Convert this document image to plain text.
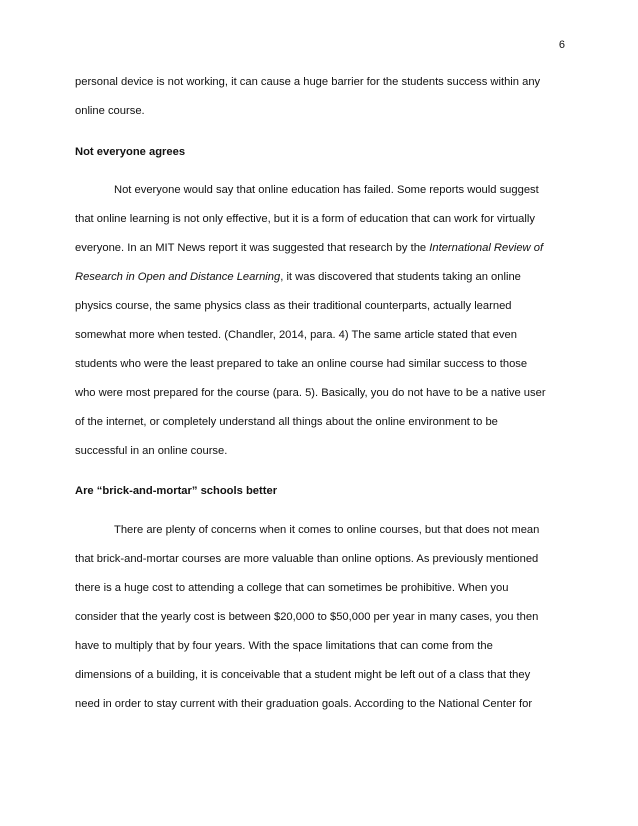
6
personal device is not working, it can cause a huge barrier for the students success within any
online course.
Not everyone agrees
Not everyone would say that online education has failed. Some reports would suggest
that online learning is not only effective, but it is a form of education that can work for virtually
everyone. In an MIT News report it was suggested that research by the International Review of
Research in Open and Distance Learning, it was discovered that students taking an online
physics course, the same physics class as their traditional counterparts, actually learned
somewhat more when tested. (Chandler, 2014, para. 4) The same article stated that even
students who were the least prepared to take an online course had similar success to those
who were most prepared for the course (para. 5). Basically, you do not have to be a native user
of the internet, or completely understand all things about the online environment to be
successful in an online course.
Are “brick-and-mortar” schools better
There are plenty of concerns when it comes to online courses, but that does not mean
that brick-and-mortar courses are more valuable than online options. As previously mentioned
there is a huge cost to attending a college that can sometimes be prohibitive. When you
consider that the yearly cost is between $20,000 to $50,000 per year in many cases, you then
have to multiply that by four years. With the space limitations that can come from the
dimensions of a building, it is conceivable that a student might be left out of a class that they
need in order to stay current with their graduation goals. According to the National Center for
